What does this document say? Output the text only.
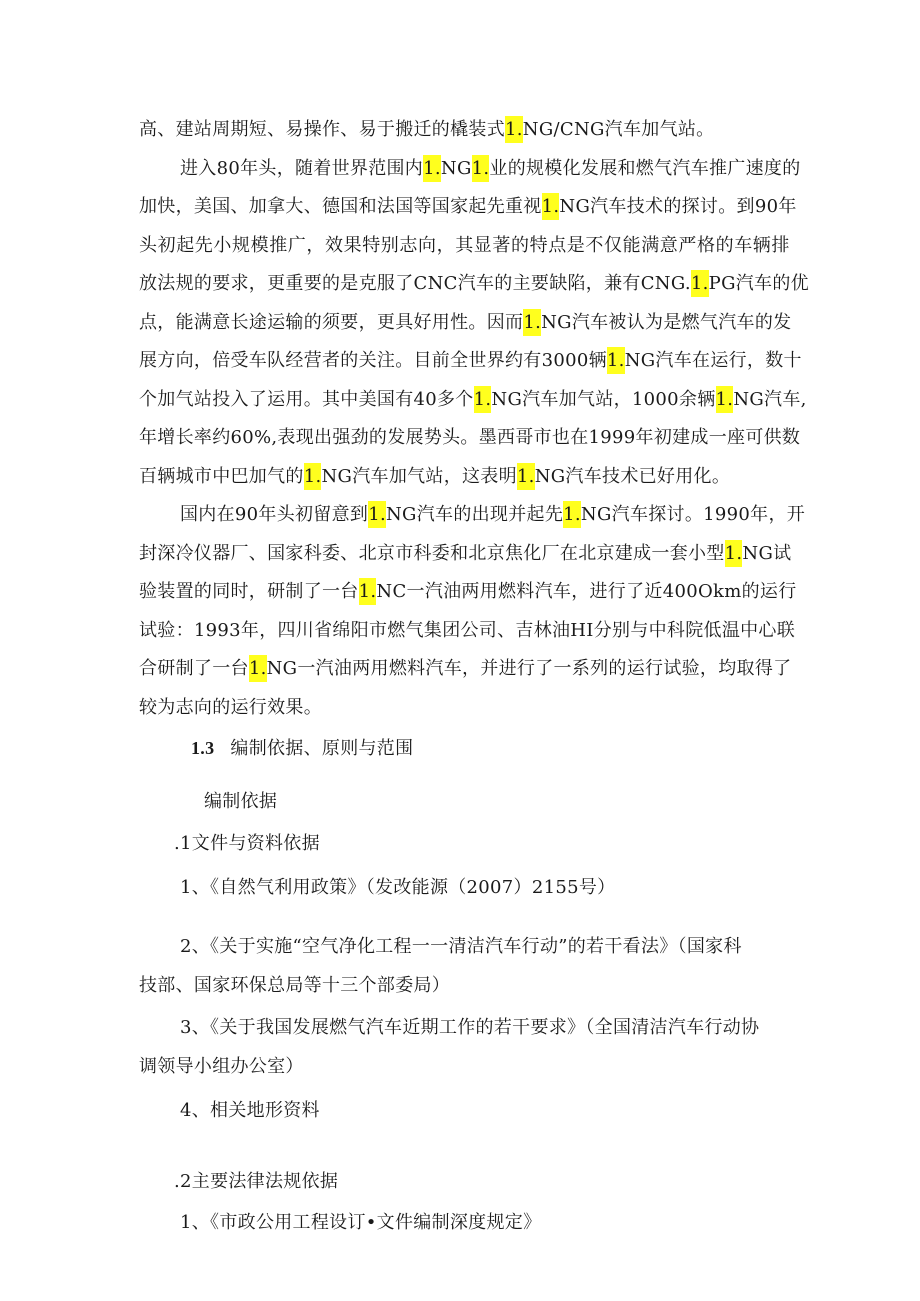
高、建站周期短、易操作、易于搬迁的橇装式1.NG/CNG汽车加气站。
进入80年头，随着世界范围内 1.NG1. 业的规模化发展和燃气汽车推广速度的
加快，美国、加拿大、德国和法国等国家起先重视 1.NG汽车技术的探讨。到90年
头初起先小规模推广，效果特别志向，其显著的特点是不仅能满意严格的车辆排
放法规的要求，更重要的是克服了CNC汽车的主要缺陷，兼有CNG. 1.PG汽车的优
点，能满意长途运输的须要，更具好用性。因而 1.NG汽车被认为是燃气汽车的发
展方向，倍受车队经营者的关注。目前全世界约有3000辆 1.NG汽车在运行，数十
个加气站投入了运用。其中美国有40多个 1.NG汽车加气站，1000余辆 1.NG汽车,
年增长率约60%,表现出强劲的发展势头。墨西哥市也在1999年初建成一座可供数
百辆城市中巴加气的1.NG汽车加气站，这表明1.NG汽车技术已好用化。
国内在90年头初留意到 1.NG汽车的出现并起先 1.NG汽车探讨。1990年，开
封深冷仪器厂、国家科委、北京市科委和北京焦化厂在北京建成一套小型 1.NG试
验装置的同时，研制了一台 1.NC一汽油两用燃料汽车，进行了近400Okm的运行
试验：1993年，四川省绵阳市燃气集团公司、吉林油HI分别与中科院低温中心联
合研制了一台 1.NG一汽油两用燃料汽车，并进行了一系列的运行试验，均取得了
较为志向的运行效果。
1.3 编制依据、原则与范围
编制依据
.1文件与资料依据
1、《自然气利用政策》（发改能源（2007）2155号）
2、《关于实施“空气净化工程一一清洁汽车行动”的若干看法》（国家科
技部、国家环保总局等十三个部委局）
3、《关于我国发展燃气汽车近期工作的若干要求》（全国清洁汽车行动协
调领导小组办公室）
4、相关地形资料
.2主要法律法规依据
1、《市政公用工程设订•文件编制深度规定》
